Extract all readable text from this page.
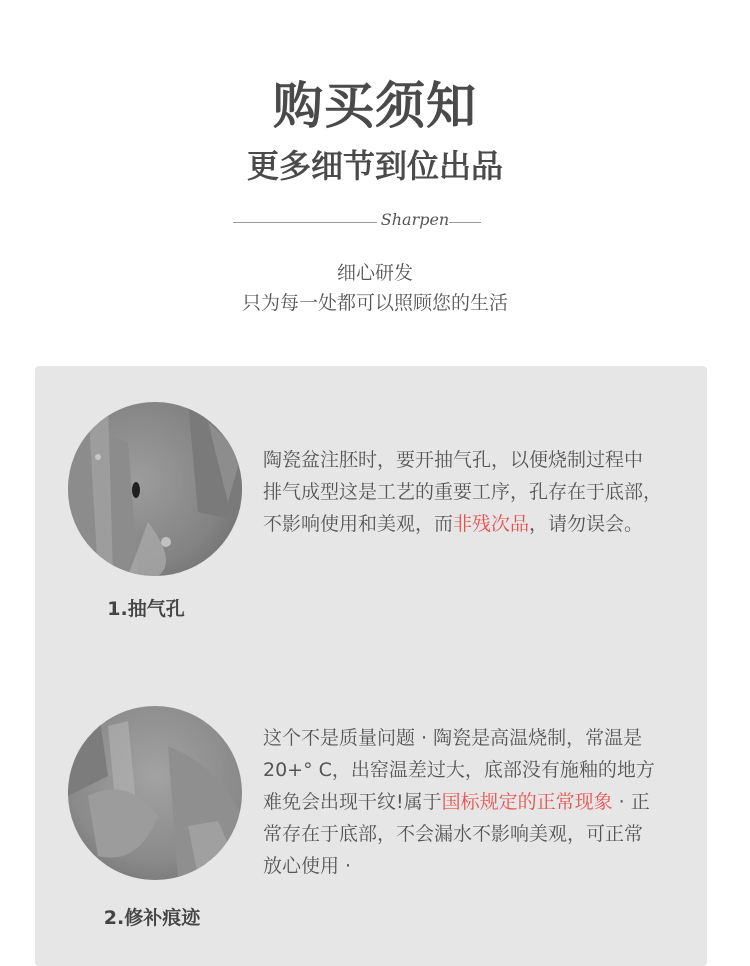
购买须知
更多细节到位出品
Sharpen
细心研发
只为每一处都可以照顾您的生活
1.抽气孔
陶瓷盆注胚时，要开抽气孔，以便烧制过程中
排气成型这是工艺的重要工序，孔存在于底部，
不影响使用和美观，而非残次品，请勿误会。
2.修补痕迹
这个不是质量问题 · 陶瓷是高温烧制，常温是
20+° C，出窑温差过大，底部没有施釉的地方
难免会出现干纹!属于国标规定的正常现象 · 正
常存在于底部，不会漏水不影响美观，可正常
放心使用 ·
